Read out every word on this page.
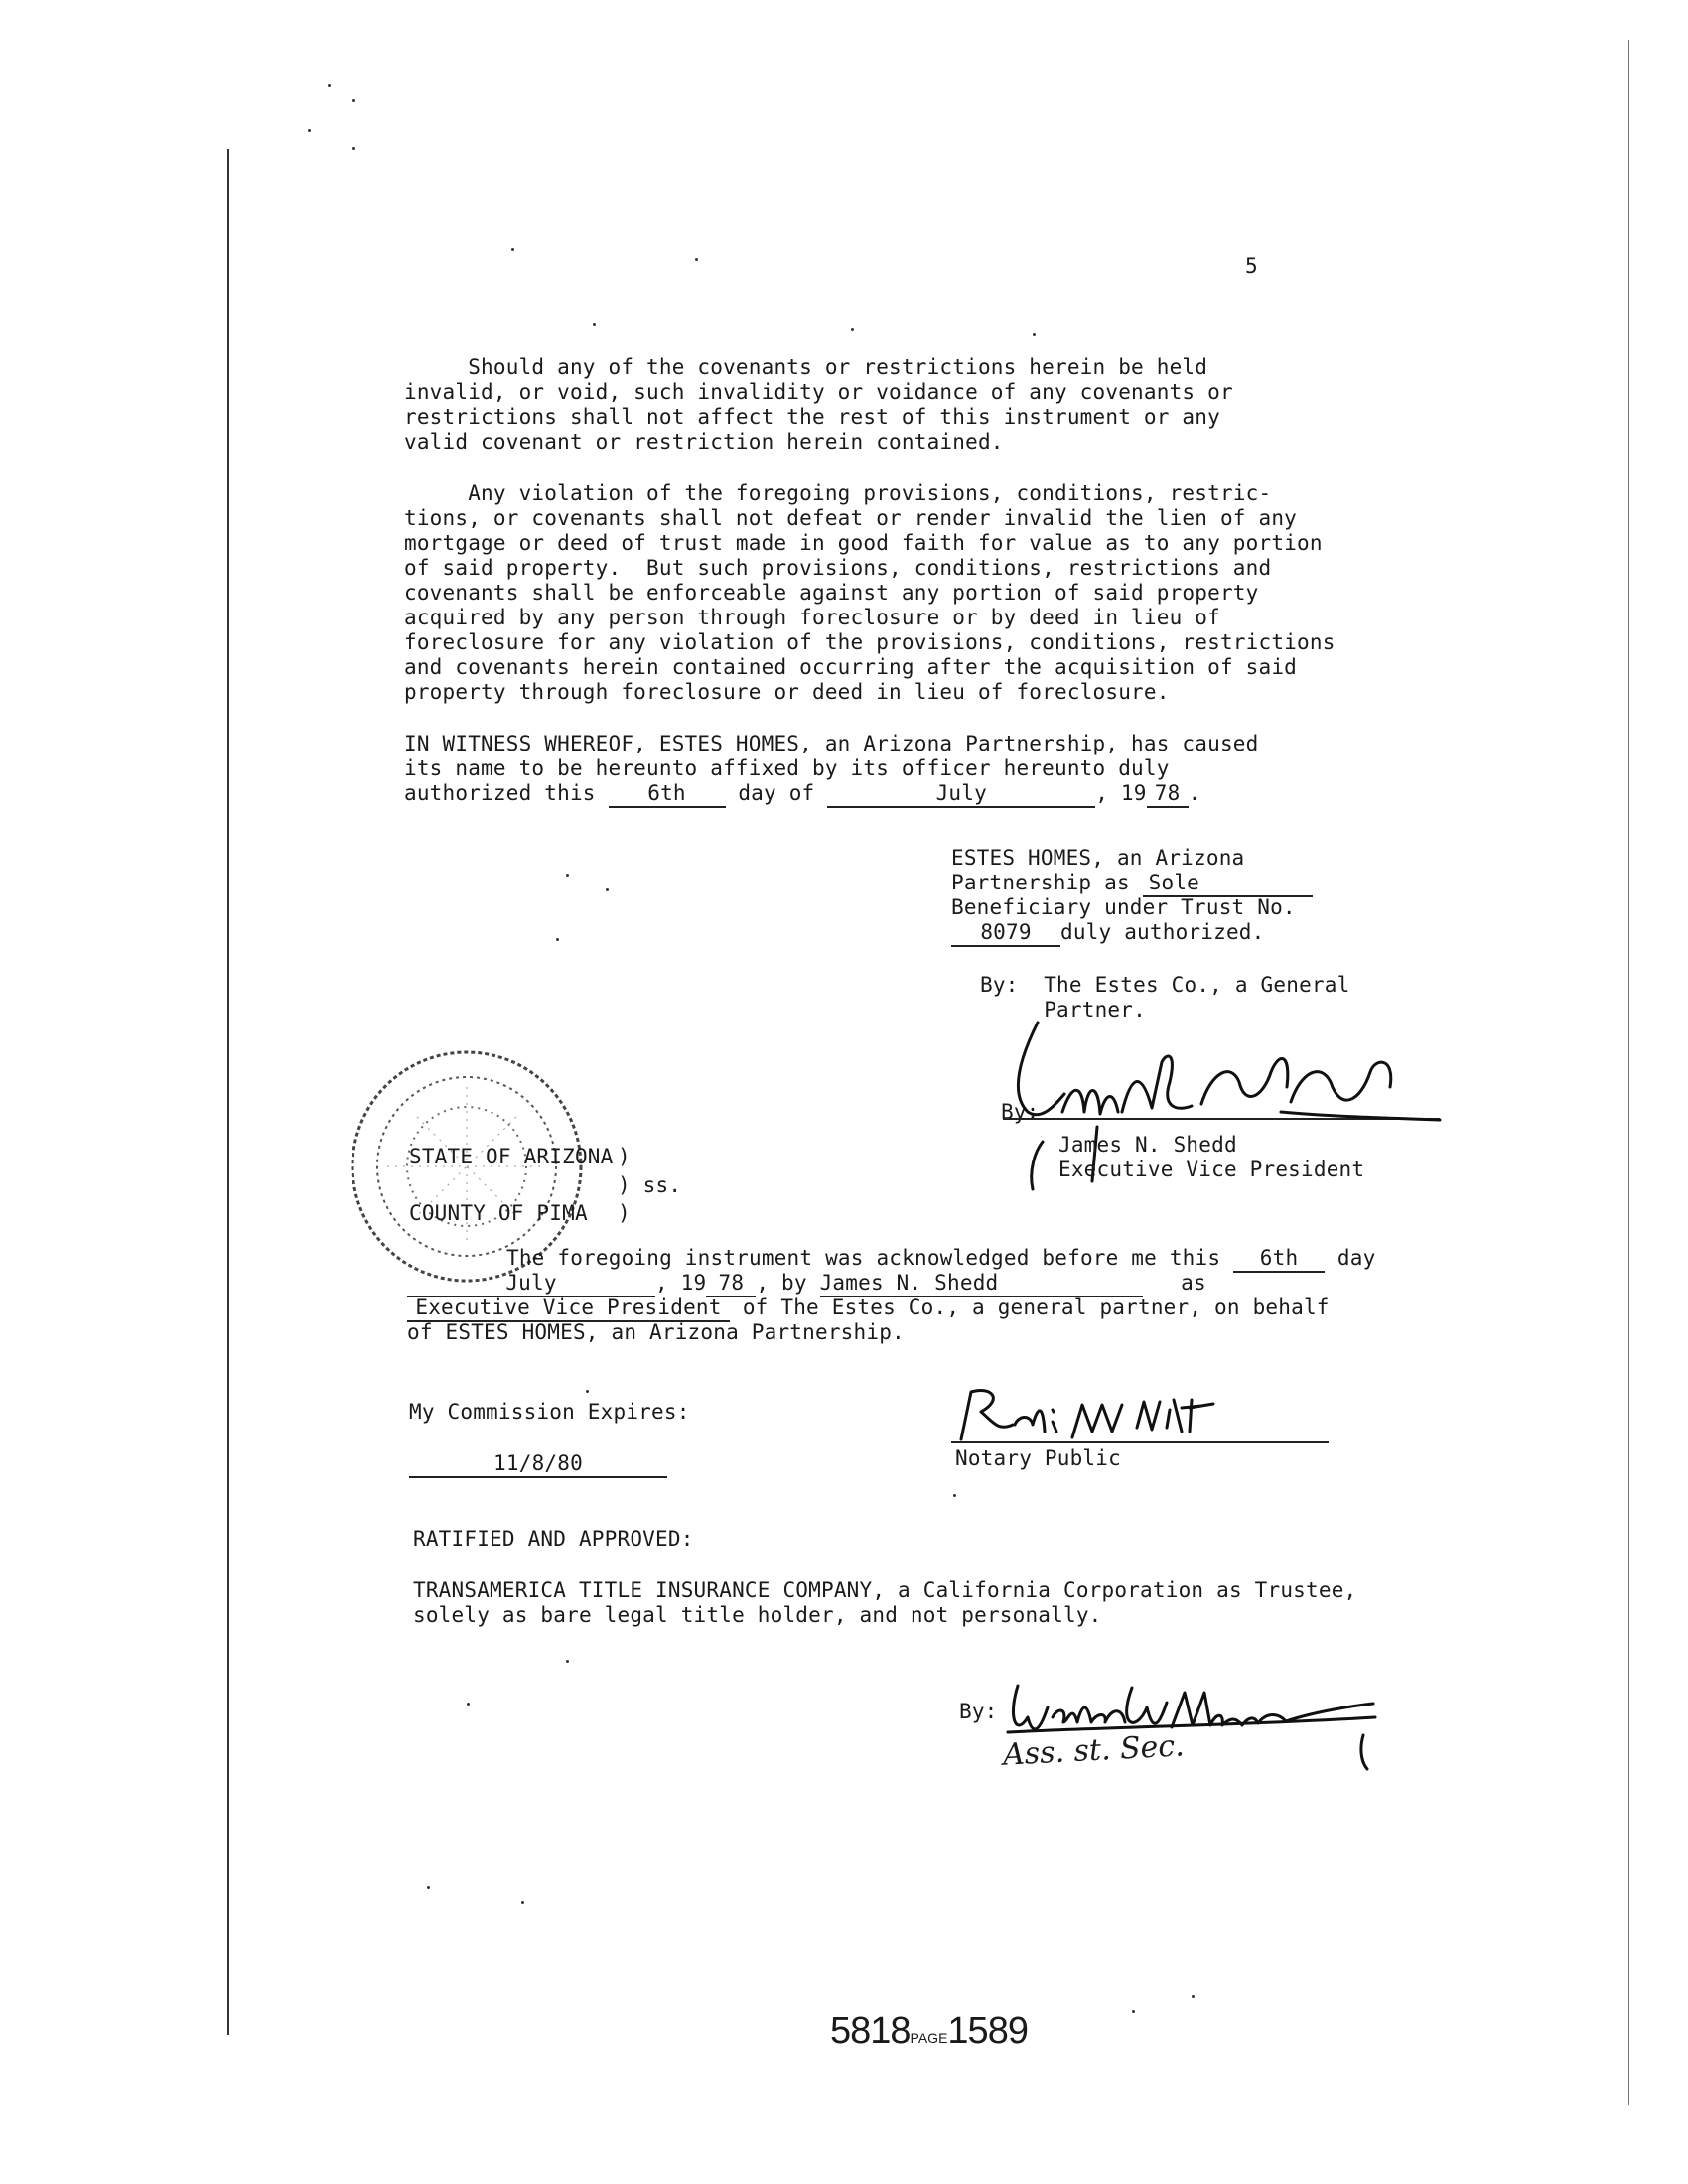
5
Should any of the covenants or restrictions herein be held
invalid, or void, such invalidity or voidance of any covenants or
restrictions shall not affect the rest of this instrument or any
valid covenant or restriction herein contained.
Any violation of the foregoing provisions, conditions, restric-
tions, or covenants shall not defeat or render invalid the lien of any
mortgage or deed of trust made in good faith for value as to any portion
of said property.  But such provisions, conditions, restrictions and
covenants shall be enforceable against any portion of said property
acquired by any person through foreclosure or by deed in lieu of
foreclosure for any violation of the provisions, conditions, restrictions
and covenants herein contained occurring after the acquisition of said
property through foreclosure or deed in lieu of foreclosure.
IN WITNESS WHEREOF, ESTES HOMES, an Arizona Partnership, has caused
its name to be hereunto affixed by its officer hereunto duly
authorized this	6th	day of	July	, 19 78 .
ESTES HOMES, an Arizona
Partnership as Sole
Beneficiary under Trust No.
8079 duly authorized.
By:  The Estes Co., a General
Partner.
By:
James N. Shedd
Executive Vice President
STATE OF ARIZONA )
) ss.
COUNTY OF PIMA )
The foregoing instrument was acknowledged before me this 6th day
July	, 19 78 , by James N. Shedd	as
Executive Vice President of The Estes Co., a general partner, on behalf
of ESTES HOMES, an Arizona Partnership.
My Commission Expires:
11/8/80	Notary Public
RATIFIED AND APPROVED:
TRANSAMERICA TITLE INSURANCE COMPANY, a California Corporation as Trustee,
solely as bare legal title holder, and not personally.
By:
Ass. st. Sec.
5818PAGE1589
